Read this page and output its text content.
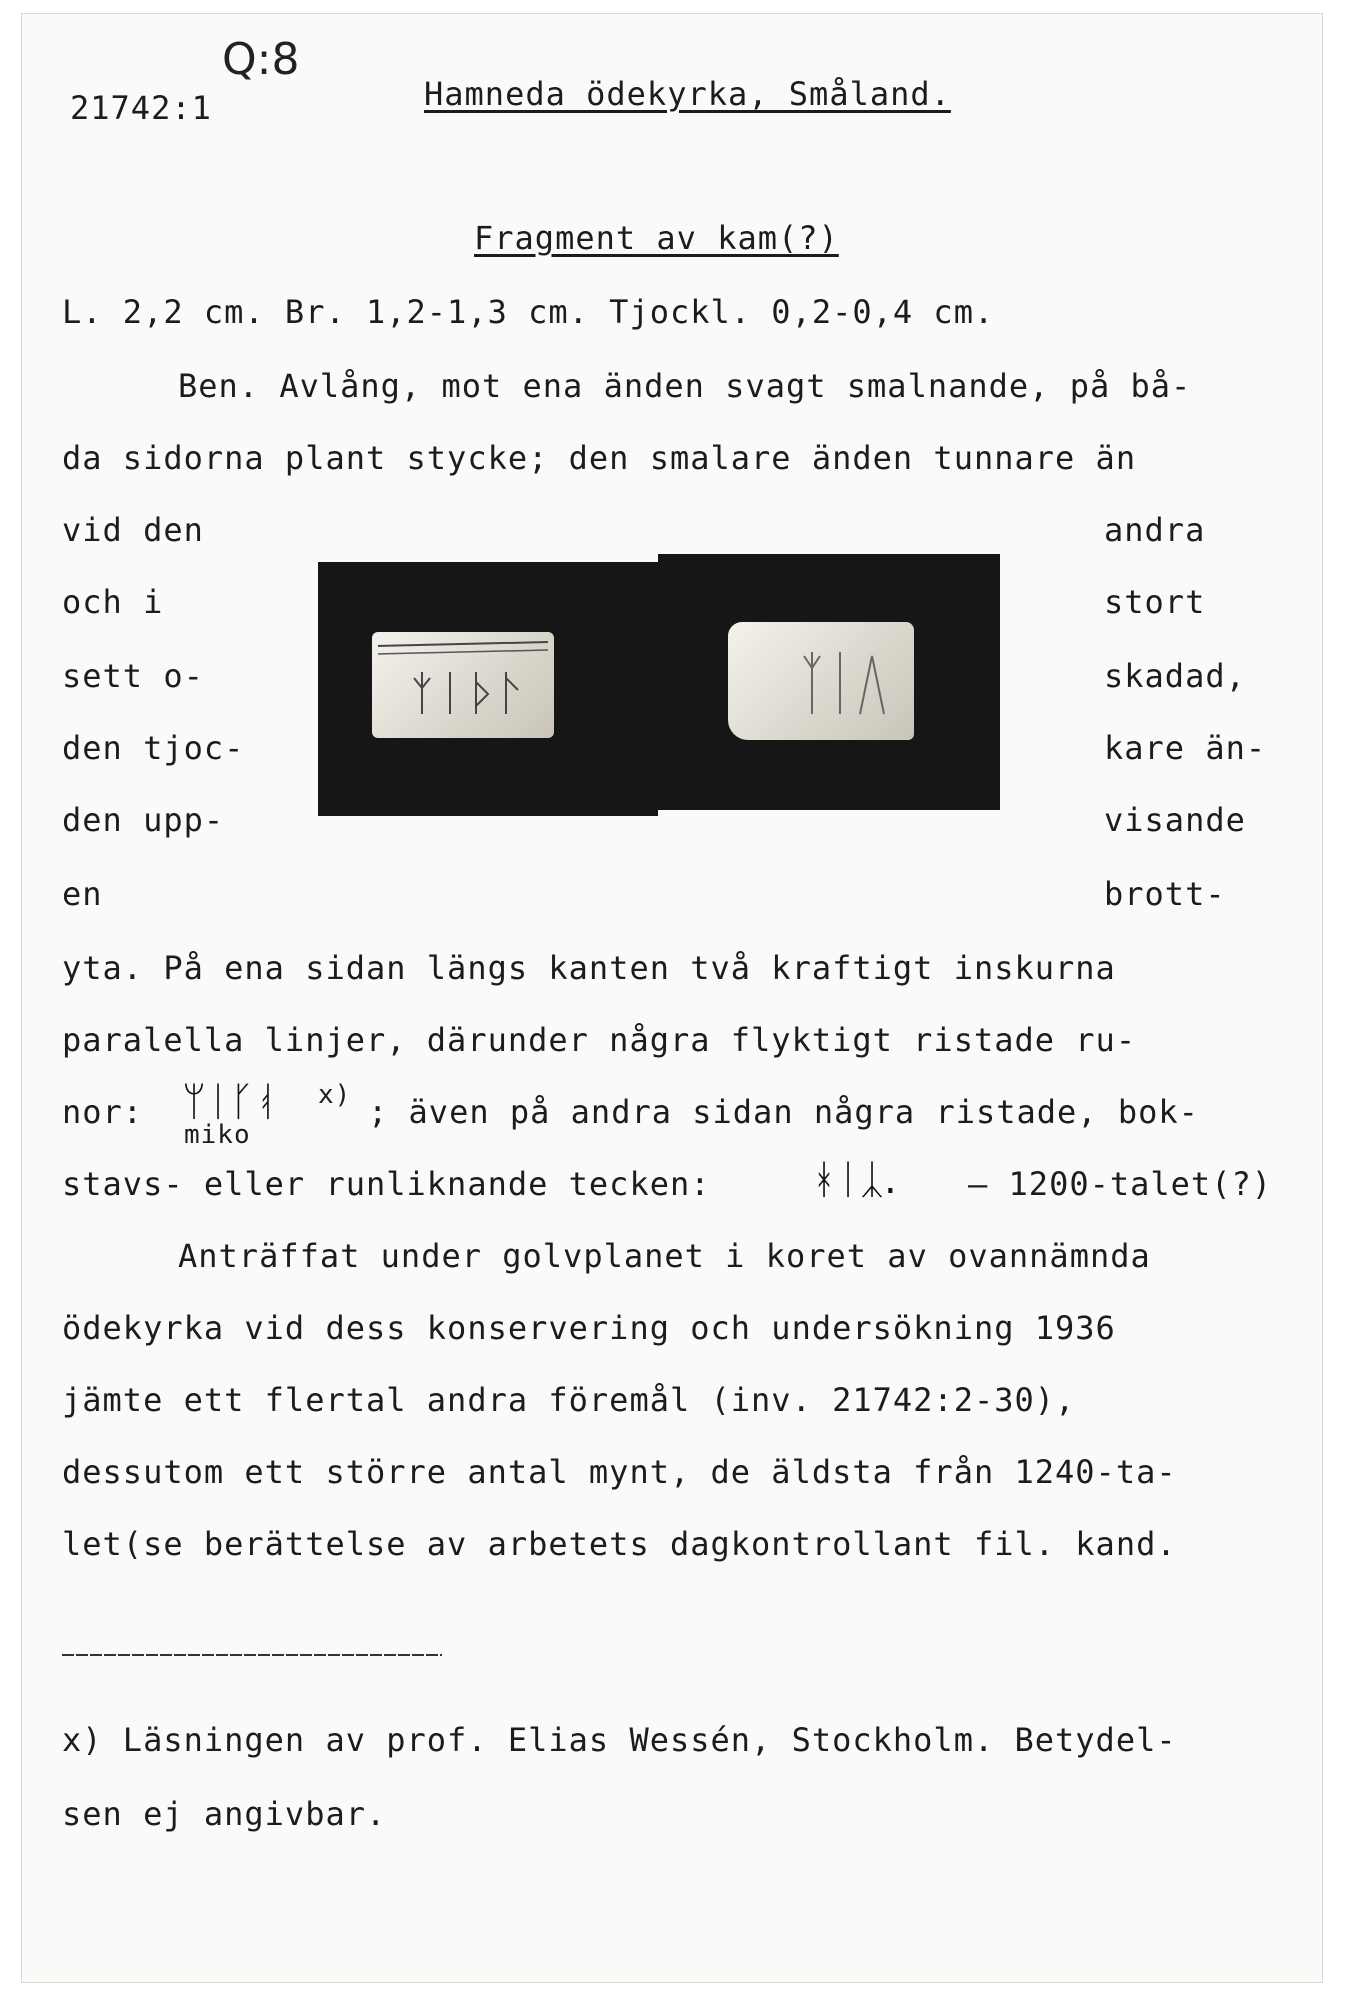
21742:1
Q:8
Hamneda ödekyrka, Småland.
Fragment av kam(?)
L. 2,2 cm. Br. 1,2-1,3 cm. Tjockl. 0,2-0,4 cm.
Ben. Avlång, mot ena änden svagt smalnande, på bå-
da sidorna plant stycke; den smalare änden tunnare än
vid den
och i
sett o-
den tjoc-
den upp-
en
andra
stort
skadad,
kare än-
visande
brott-
yta. På ena sidan längs kanten två kraftigt inskurna
paralella linjer, därunder några flyktigt ristade ru-
nor: ᛘᛁᚴᚮ
miko
x) ; även på andra sidan några ristade, bok-
stavs- eller runliknande tecken:	ᚼᛁᛣ. – 1200-talet(?)
Anträffat under golvplanet i koret av ovannämnda
ödekyrka vid dess konservering och undersökning 1936
jämte ett flertal andra föremål (inv. 21742:2-30),
dessutom ett större antal mynt, de äldsta från 1240-ta-
let(se berättelse av arbetets dagkontrollant fil. kand.
x) Läsningen av prof. Elias Wessén, Stockholm. Betydel-
sen ej angivbar.
